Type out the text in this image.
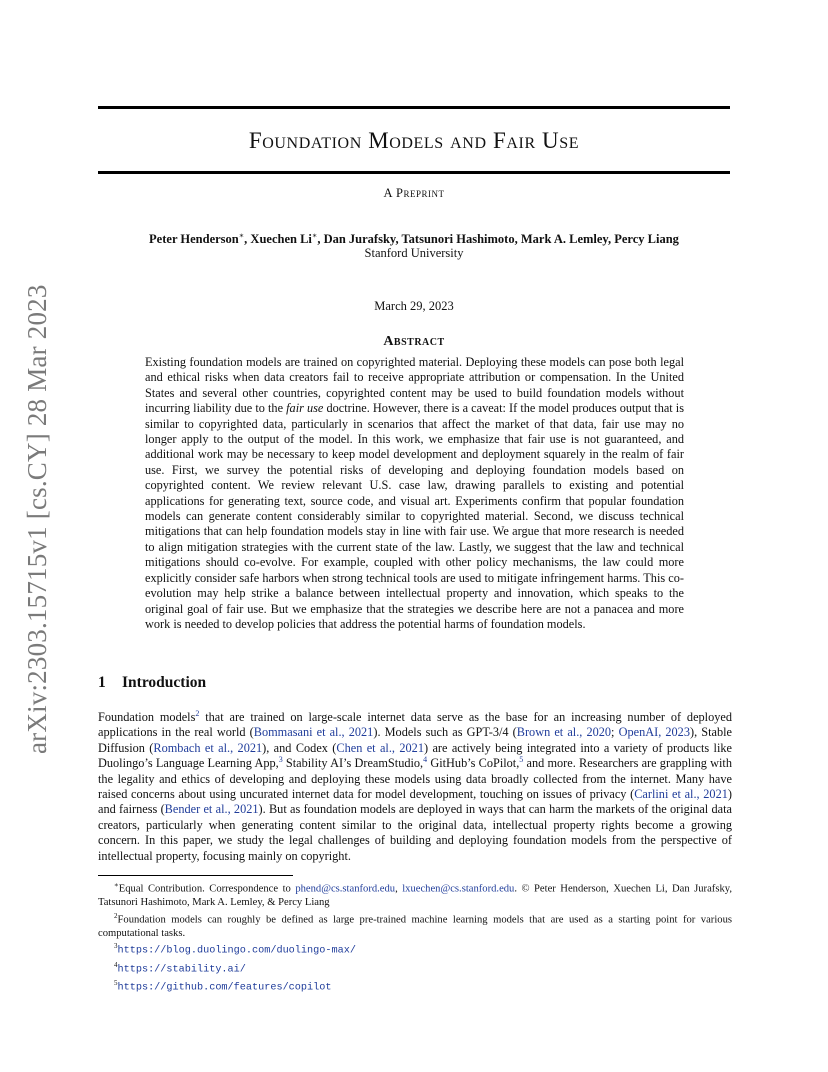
arXiv:2303.15715v1 [cs.CY] 28 Mar 2023
Foundation Models and Fair Use
A Preprint
Peter Henderson∗, Xuechen Li∗, Dan Jurafsky, Tatsunori Hashimoto, Mark A. Lemley, Percy Liang
Stanford University
March 29, 2023
Abstract
Existing foundation models are trained on copyrighted material. Deploying these models can pose both legal and ethical risks when data creators fail to receive appropriate attribution or compensation. In the United States and several other countries, copyrighted content may be used to build foundation models without incurring liability due to the fair use doctrine. However, there is a caveat: If the model produces output that is similar to copyrighted data, particularly in scenarios that affect the market of that data, fair use may no longer apply to the output of the model. In this work, we emphasize that fair use is not guaranteed, and additional work may be necessary to keep model development and deployment squarely in the realm of fair use. First, we survey the potential risks of developing and deploying foundation models based on copyrighted content. We review relevant U.S. case law, drawing parallels to existing and potential applications for generating text, source code, and visual art. Experiments confirm that popular foundation models can generate content considerably similar to copyrighted material. Second, we discuss technical mitigations that can help foundation models stay in line with fair use. We argue that more research is needed to align mitigation strategies with the current state of the law. Lastly, we suggest that the law and technical mitigations should co-evolve. For example, coupled with other policy mechanisms, the law could more explicitly consider safe harbors when strong technical tools are used to mitigate infringement harms. This co-evolution may help strike a balance between intellectual property and innovation, which speaks to the original goal of fair use. But we emphasize that the strategies we describe here are not a panacea and more work is needed to develop policies that address the potential harms of foundation models.
1 Introduction
Foundation models$^2$ that are trained on large-scale internet data serve as the base for an increasing number of deployed applications in the real world (Bommasani et al., 2021). Models such as GPT-3/4 (Brown et al., 2020; OpenAI, 2023), Stable Diffusion (Rombach et al., 2021), and Codex (Chen et al., 2021) are actively being integrated into a variety of products like Duolingo’s Language Learning App,$^3$ Stability AI’s DreamStudio,$^4$ GitHub’s CoPilot,$^5$ and more. Researchers are grappling with the legality and ethics of developing and deploying these models using data broadly collected from the internet. Many have raised concerns about using uncurated internet data for model development, touching on issues of privacy (Carlini et al., 2021) and fairness (Bender et al., 2021). But as foundation models are deployed in ways that can harm the markets of the original data creators, particularly when generating content similar to the original data, intellectual property rights become a growing concern. In this paper, we study the legal challenges of building and deploying foundation models from the perspective of intellectual property, focusing mainly on copyright.
∗Equal Contribution. Correspondence to phend@cs.stanford.edu, lxuechen@cs.stanford.edu. © Peter Henderson, Xuechen Li, Dan Jurafsky, Tatsunori Hashimoto, Mark A. Lemley, & Percy Liang
$^2$Foundation models can roughly be defined as large pre-trained machine learning models that are used as a starting point for various computational tasks.
$^3$https://blog.duolingo.com/duolingo-max/
$^4$https://stability.ai/
$^5$https://github.com/features/copilot
